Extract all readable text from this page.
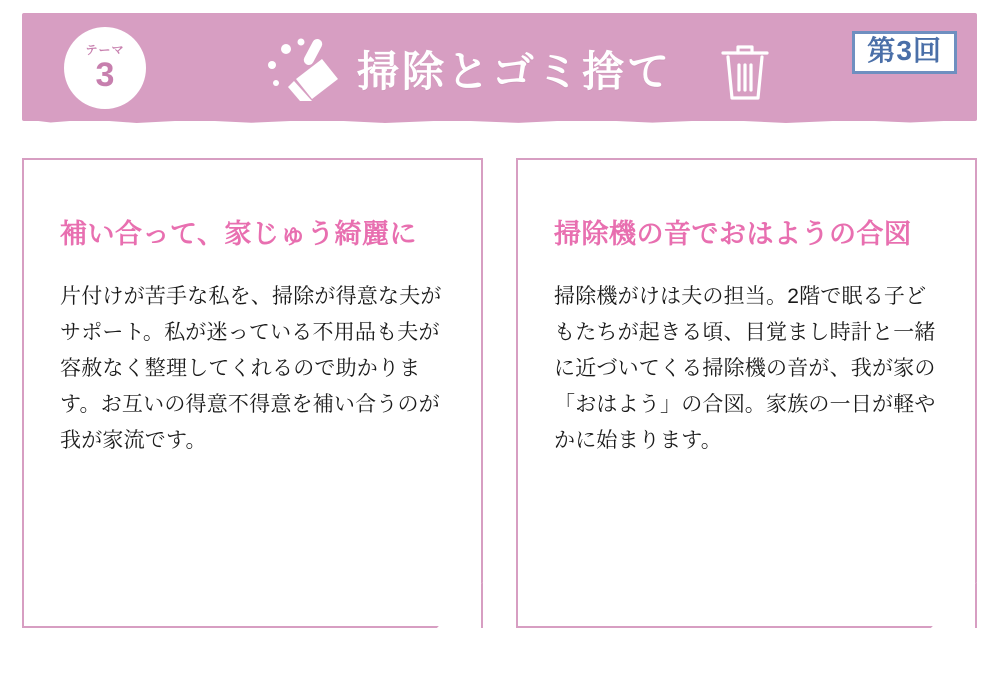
テーマ
3	掃除とゴミ捨て	第3回
補い合って、家じゅう綺麗に

片付けが苦手な私を、掃除が得意な夫がサポート。私が迷っている不用品も夫が容赦なく整理してくれるので助かります。お互いの得意不得意を補い合うのが我が家流です。

掃除機の音でおはようの合図

掃除機がけは夫の担当。2階で眠る子どもたちが起きる頃、目覚まし時計と一緒に近づいてくる掃除機の音が、我が家の「おはよう」の合図。家族の一日が軽やかに始まります。
